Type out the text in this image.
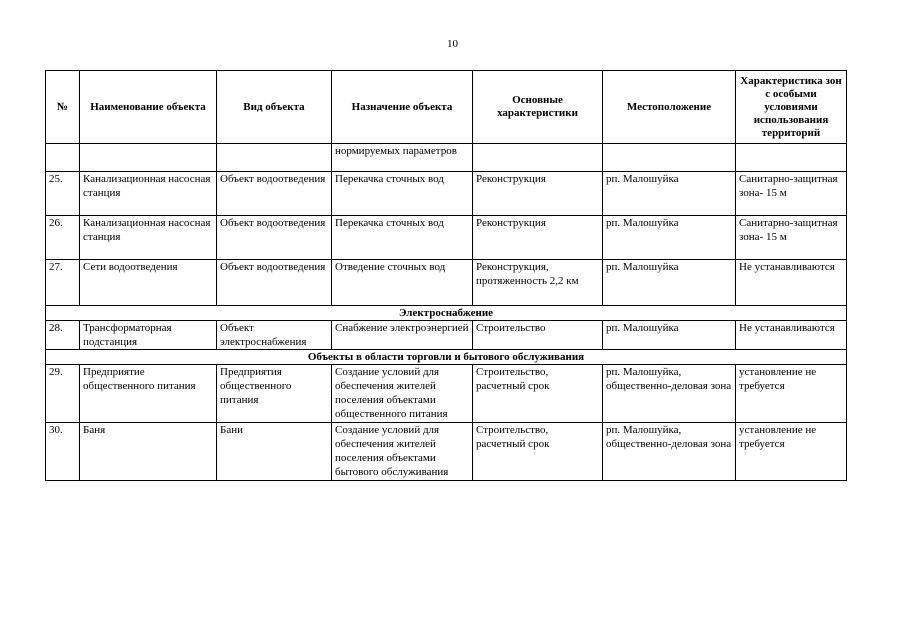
10
№	Наименование объекта	Вид объекта	Назначение объекта	Основные характеристики	Местоположение	Характеристика зон с особыми условиями использования территорий
			нормируемых параметров			
25.	Канализационная насосная станция	Объект водоотведения	Перекачка сточных вод	Реконструкция	рп. Малошуйка	Санитарно-защитная зона- 15 м
26.	Канализационная насосная станция	Объект водоотведения	Перекачка сточных вод	Реконструкция	рп. Малошуйка	Санитарно-защитная зона- 15 м
27.	Сети водоотведения	Объект водоотведения	Отведение сточных вод	Реконструкция, протяженность 2,2 км	рп. Малошуйка	Не устанавливаются
Электроснабжение						
28.	Трансформаторная подстанция	Объект электроснабжения	Снабжение электроэнергией	Строительство	рп. Малошуйка	Не устанавливаются
Объекты в области торговли и бытового обслуживания						
29.	Предприятие общественного питания	Предприятия общественного питания	Создание условий для обеспечения жителей поселения объектами общественного питания	Строительство, расчетный срок	рп. Малошуйка, общественно-деловая зона	установление не требуется
30.	Баня	Бани	Создание условий для обеспечения жителей поселения объектами бытового обслуживания	Строительство, расчетный срок	рп. Малошуйка, общественно-деловая зона	установление не требуется
